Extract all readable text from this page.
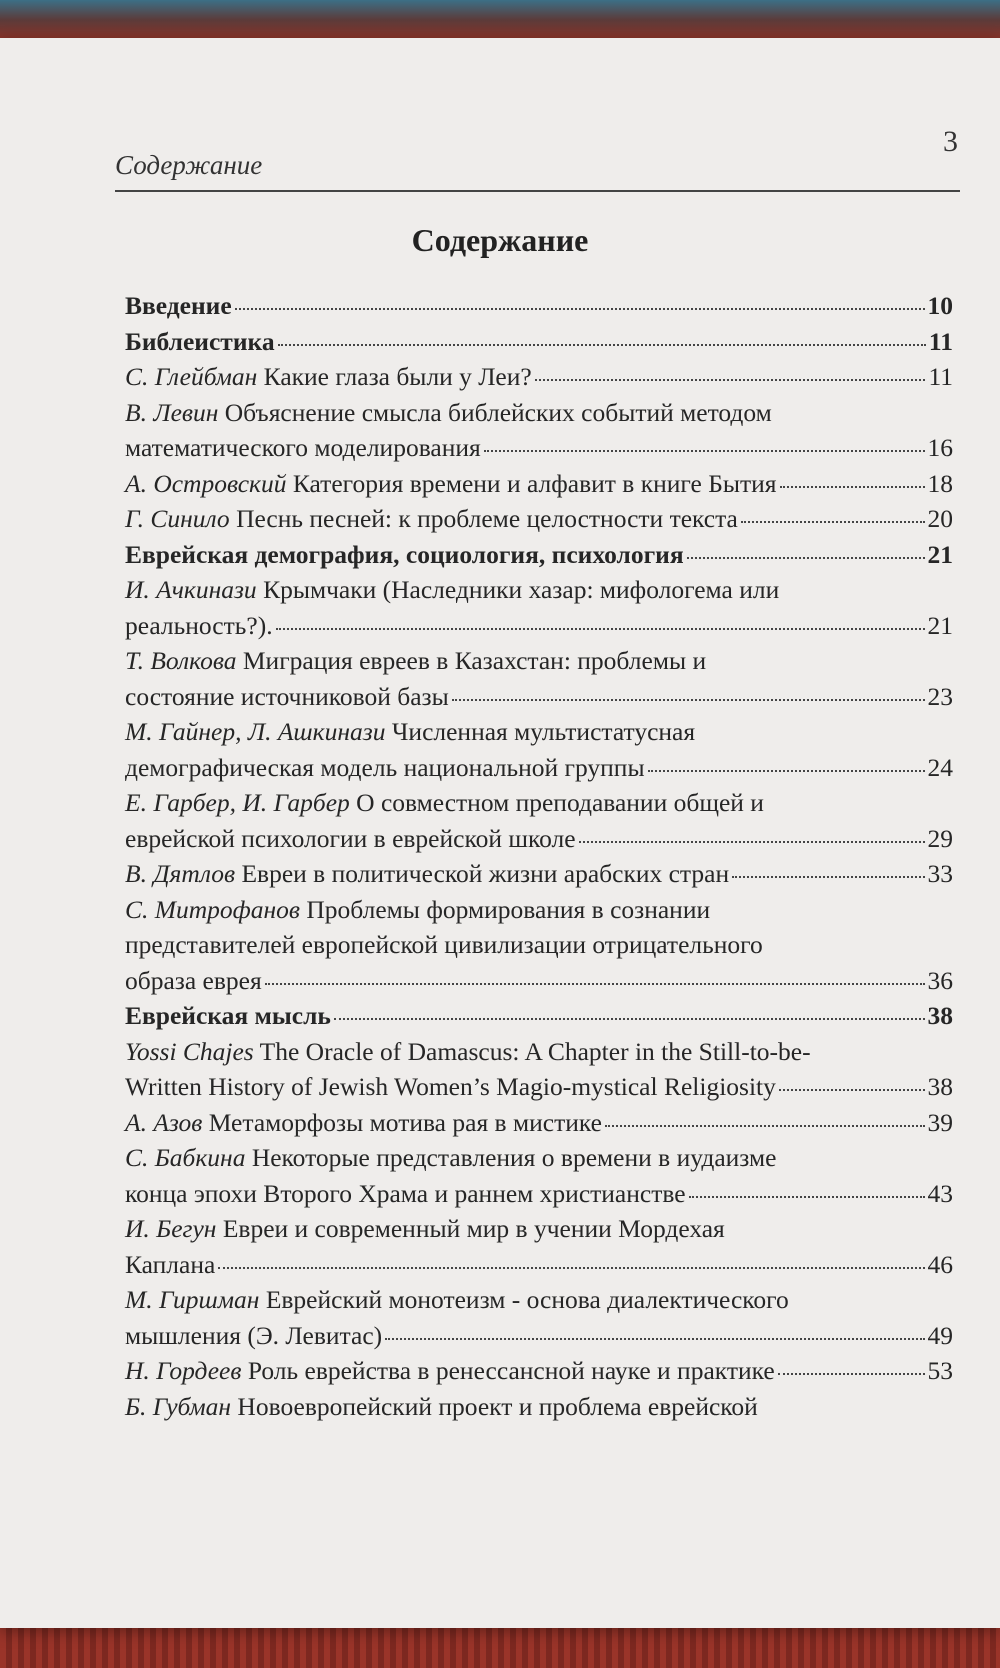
Содержание
3
Содержание
Введение	10
Библеистика	11
С. Глейбман Какие глаза были у Леи?	11
В. Левин Объяснение смысла библейских событий методом
математического моделирования	16
А. Островский Категория времени и алфавит в книге Бытия	18
Г. Синило Песнь песней: к проблеме целостности текста	20
Еврейская демография, социология, психология	21
И. Ачкинази Крымчаки (Наследники хазар: мифологема или
реальность?).	21
Т. Волкова Миграция евреев в Казахстан: проблемы и
состояние источниковой базы	23
М. Гайнер, Л. Ашкинази Численная мультистатусная
демографическая модель национальной группы	24
Е. Гарбер, И. Гарбер О совместном преподавании общей и
еврейской психологии в еврейской школе	29
В. Дятлов Евреи в политической жизни арабских стран	33
С. Митрофанов Проблемы формирования в сознании
представителей европейской цивилизации отрицательного
образа еврея	36
Еврейская мысль	38
Yossi Chajes The Oracle of Damascus: A Chapter in the Still-to-be-
Written History of Jewish Women’s Magio-mystical Religiosity	38
А. Азов Метаморфозы мотива рая в мистике	39
С. Бабкина Некоторые представления о времени в иудаизме
конца эпохи Второго Храма и раннем христианстве	43
И. Бегун Евреи и современный мир в учении Мордехая
Каплана	46
М. Гиршман Еврейский монотеизм - основа диалектического
мышления (Э. Левитас)	49
Н. Гордеев Роль еврейства в ренессансной науке и практике	53
Б. Губман Новоевропейский проект и проблема еврейской
